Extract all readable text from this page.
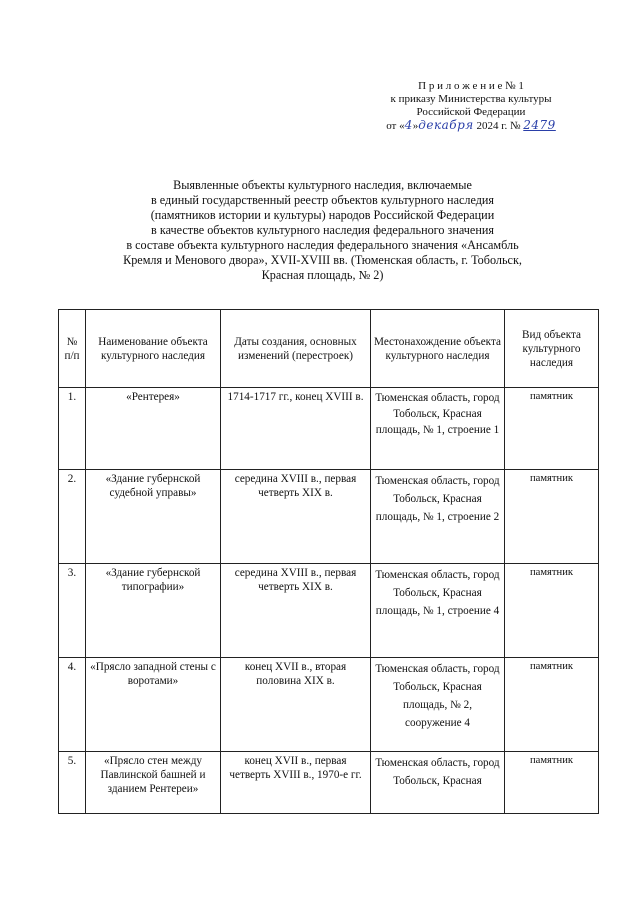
П р и л о ж е н и е № 1
к приказу Министерства культуры
Российской Федерации
от «4»декабря 2024 г. № 2479
Выявленные объекты культурного наследия, включаемые
в единый государственный реестр объектов культурного наследия
(памятников истории и культуры) народов Российской Федерации
в качестве объектов культурного наследия федерального значения
в составе объекта культурного наследия федерального значения «Ансамбль
Кремля и Менового двора», XVII-XVIII вв. (Тюменская область, г. Тобольск,
Красная площадь, № 2)
№ п/п	Наименование объекта культурного наследия	Даты создания, основных изменений (перестроек)	Местонахождение объекта культурного наследия	Вид объекта культурного наследия
1.	«Рентерея»	1714-1717 гг., конец XVIII в.	Тюменская область, город Тобольск, Красная площадь, № 1, строение 1	памятник
2.	«Здание губернской судебной управы»	середина XVIII в., первая четверть XIX в.	Тюменская область, город Тобольск, Красная площадь, № 1, строение 2	памятник
3.	«Здание губернской типографии»	середина XVIII в., первая четверть XIX в.	Тюменская область, город Тобольск, Красная площадь, № 1, строение 4	памятник
4.	«Прясло западной стены с воротами»	конец XVII в., вторая половина XIX в.	Тюменская область, город Тобольск, Красная площадь, № 2, сооружение 4	памятник
5.	«Прясло стен между Павлинской башней и зданием Рентереи»	конец XVII в., первая четверть XVIII в., 1970-е гг.	Тюменская область, город Тобольск, Красная	памятник
